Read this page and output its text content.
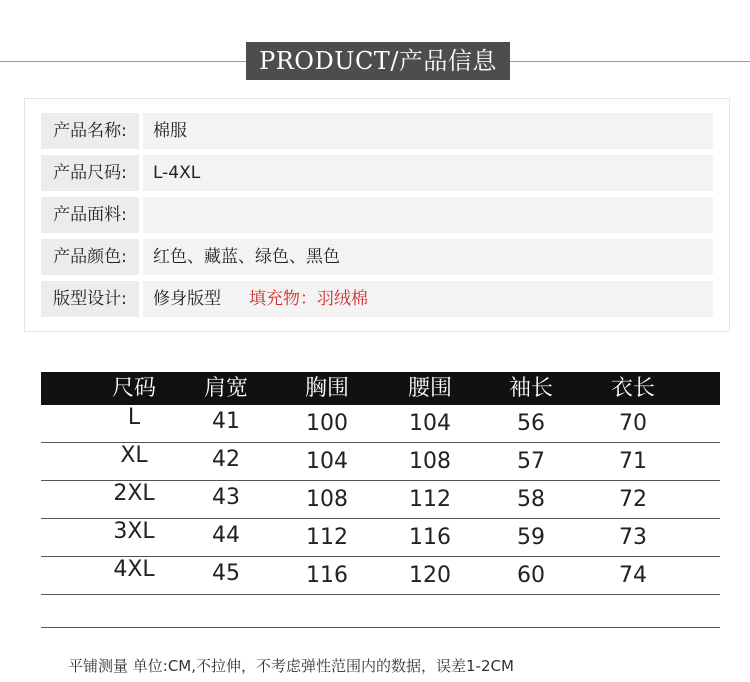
PRODUCT/产品信息
产品名称:	棉服
产品尺码:	L-4XL
产品面料:
产品颜色:	红色、藏蓝、绿色、黑色
版型设计:	修身版型 填充物：羽绒棉
尺码	肩宽	胸围	腰围	袖长	衣长
L	41	100	104	56	70
XL	42	104	108	57	71
2XL	43	108	112	58	72
3XL	44	112	116	59	73
4XL	45	116	120	60	74
平铺测量 单位:CM,不拉伸，不考虑弹性范围内的数据，误差1-2CM
